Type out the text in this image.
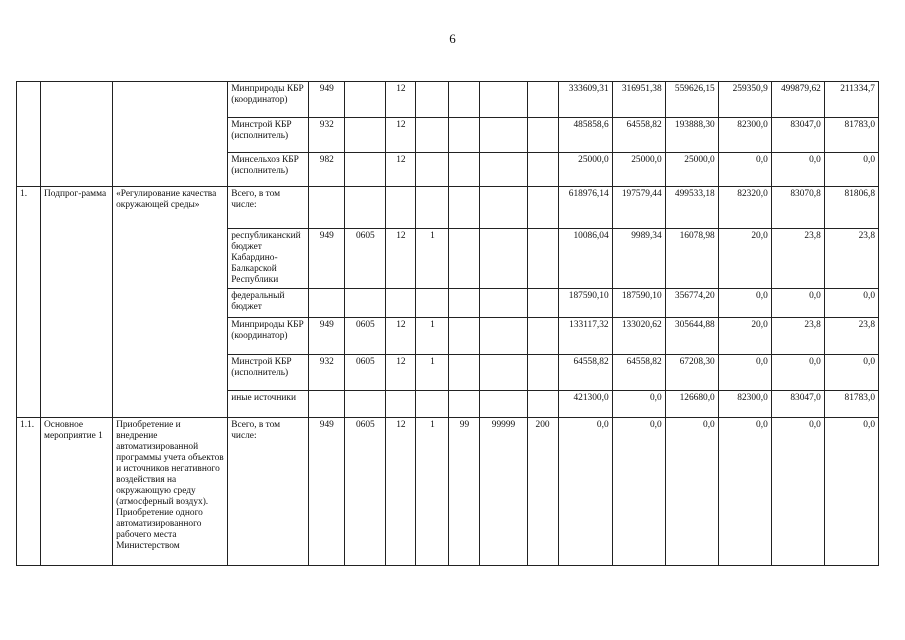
6
			Минприроды КБР (координатор)	949		12					333609,31	316951,38	559626,15	259350,9	499879,62	211334,7
			Минстрой КБР (исполнитель)	932		12					485858,6	64558,82	193888,30	82300,0	83047,0	81783,0
			Минсельхоз КБР (исполнитель)	982		12					25000,0	25000,0	25000,0	0,0	0,0	0,0
1.	Подпрог-рамма	«Регулирование качества окружающей среды»	Всего, в том числе:								618976,14	197579,44	499533,18	82320,0	83070,8	81806,8
			республиканский бюджет Кабардино-Балкарской Республики	949	0605	12	1				10086,04	9989,34	16078,98	20,0	23,8	23,8
			федеральный бюджет								187590,10	187590,10	356774,20	0,0	0,0	0,0
			Минприроды КБР (координатор)	949	0605	12	1				133117,32	133020,62	305644,88	20,0	23,8	23,8
			Минстрой КБР (исполнитель)	932	0605	12	1				64558,82	64558,82	67208,30	0,0	0,0	0,0
			иные источники								421300,0	0,0	126680,0	82300,0	83047,0	81783,0
1.1.	Основное мероприятие 1	Приобретение и внедрение автоматизированной программы учета объектов и источников негативного воздействия на окружающую среду (атмосферный воздух). Приобретение одного автоматизированного рабочего места Министерством	Всего, в том числе:	949	0605	12	1	99	99999	200	0,0	0,0	0,0	0,0	0,0	0,0
